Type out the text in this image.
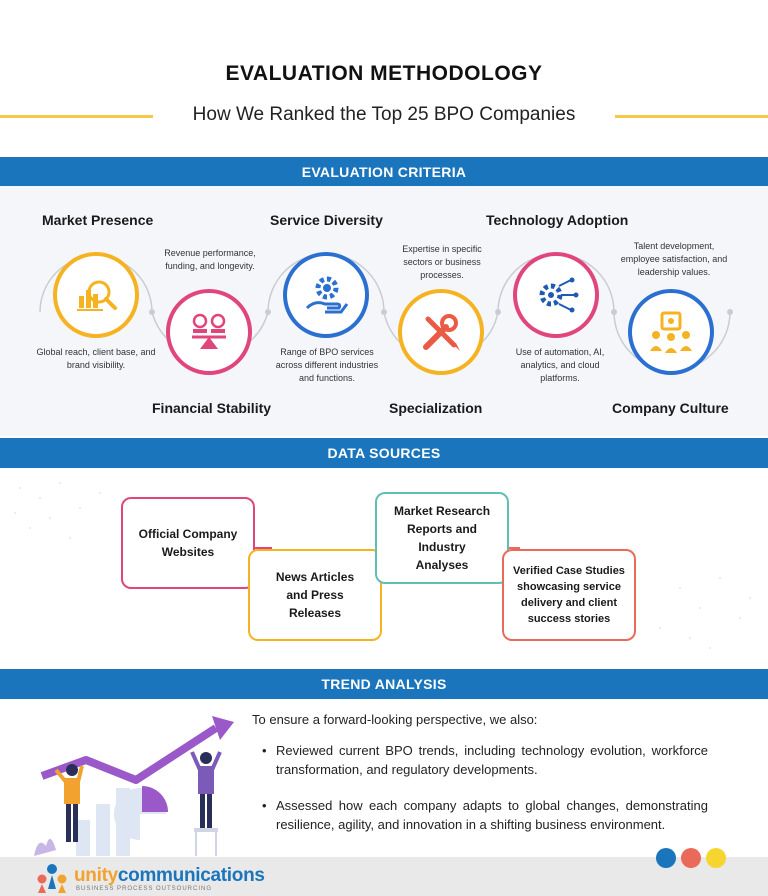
EVALUATION METHODOLOGY
How We Ranked the Top 25 BPO Companies
EVALUATION CRITERIA
Market Presence
Global reach, client base, and brand visibility.
Revenue performance, funding, and longevity.
Financial Stability
Service Diversity
Range of BPO services across different industries and functions.
Expertise in specific sectors or business processes.
Specialization
Technology Adoption
Use of automation, AI, analytics, and cloud platforms.
Talent development, employee satisfaction, and leadership values.
Company Culture
DATA SOURCES
Official Company Websites
News Articles and Press Releases
Market Research Reports and Industry Analyses	Verified Case Studies showcasing service delivery and client success stories
TREND ANALYSIS
To ensure a forward-looking perspective, we also:
• Reviewed current BPO trends, including technology evolution, workforce transformation, and regulatory developments.
• Assessed how each company adapts to global changes, demonstrating resilience, agility, and innovation in a shifting business environment.
unitycommunications
BUSINESS PROCESS OUTSOURCING
